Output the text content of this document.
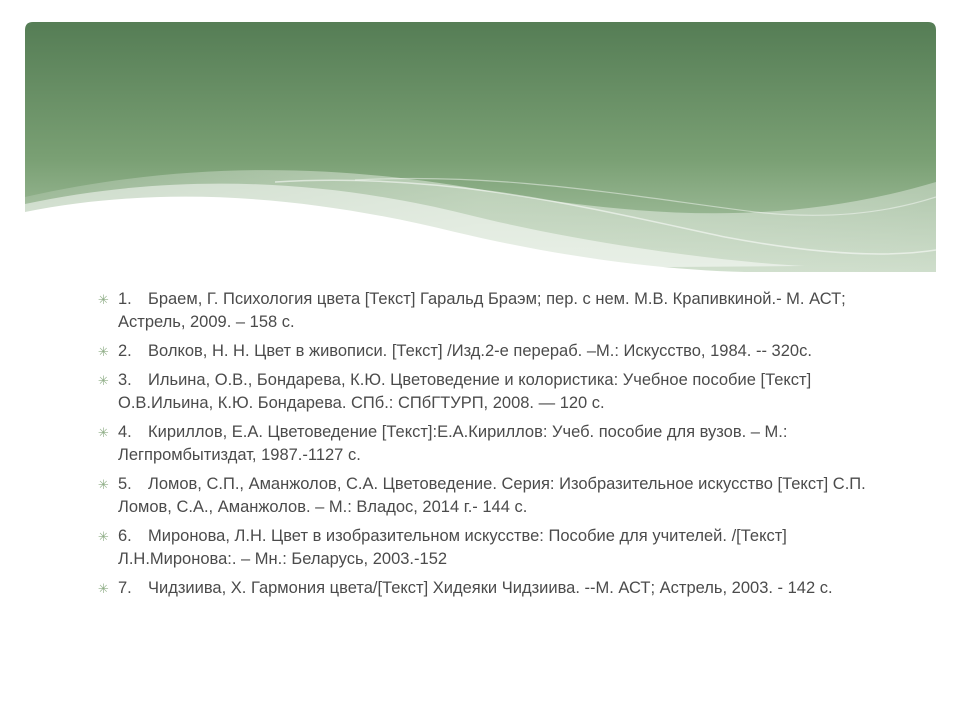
✳ 1. Браем, Г. Психология цвета [Текст] Гаральд Браэм; пер. с нем. М.В. Крапивкиной.- М. АСТ; Астрель, 2009. – 158 с.
✳ 2. Волков, Н. Н. Цвет в живописи. [Текст] /Изд.2-е перераб. –М.: Искусство, 1984. -- 320с.
✳ 3. Ильина, О.В., Бондарева, К.Ю. Цветоведение и колористика: Учебное пособие [Текст] О.В.Ильина, К.Ю. Бондарева. СПб.: СПбГТУРП, 2008. — 120 с.
✳ 4. Кириллов, Е.А. Цветоведение [Текст]:Е.А.Кириллов: Учеб. пособие для вузов. – М.: Легпромбытиздат, 1987.-1127 с.
✳ 5. Ломов, С.П., Аманжолов, С.А. Цветоведение. Серия: Изобразительное искусство [Текст] С.П. Ломов, С.А., Аманжолов. – М.: Владос, 2014 г.- 144 с.
✳ 6. Миронова, Л.Н. Цвет в изобразительном искусстве: Пособие для учителей. /[Текст] Л.Н.Миронова:. – Мн.: Беларусь, 2003.-152
✳ 7. Чидзиива, Х. Гармония цвета/[Текст] Хидеяки Чидзиива. --М. АСТ; Астрель, 2003. - 142 с.
